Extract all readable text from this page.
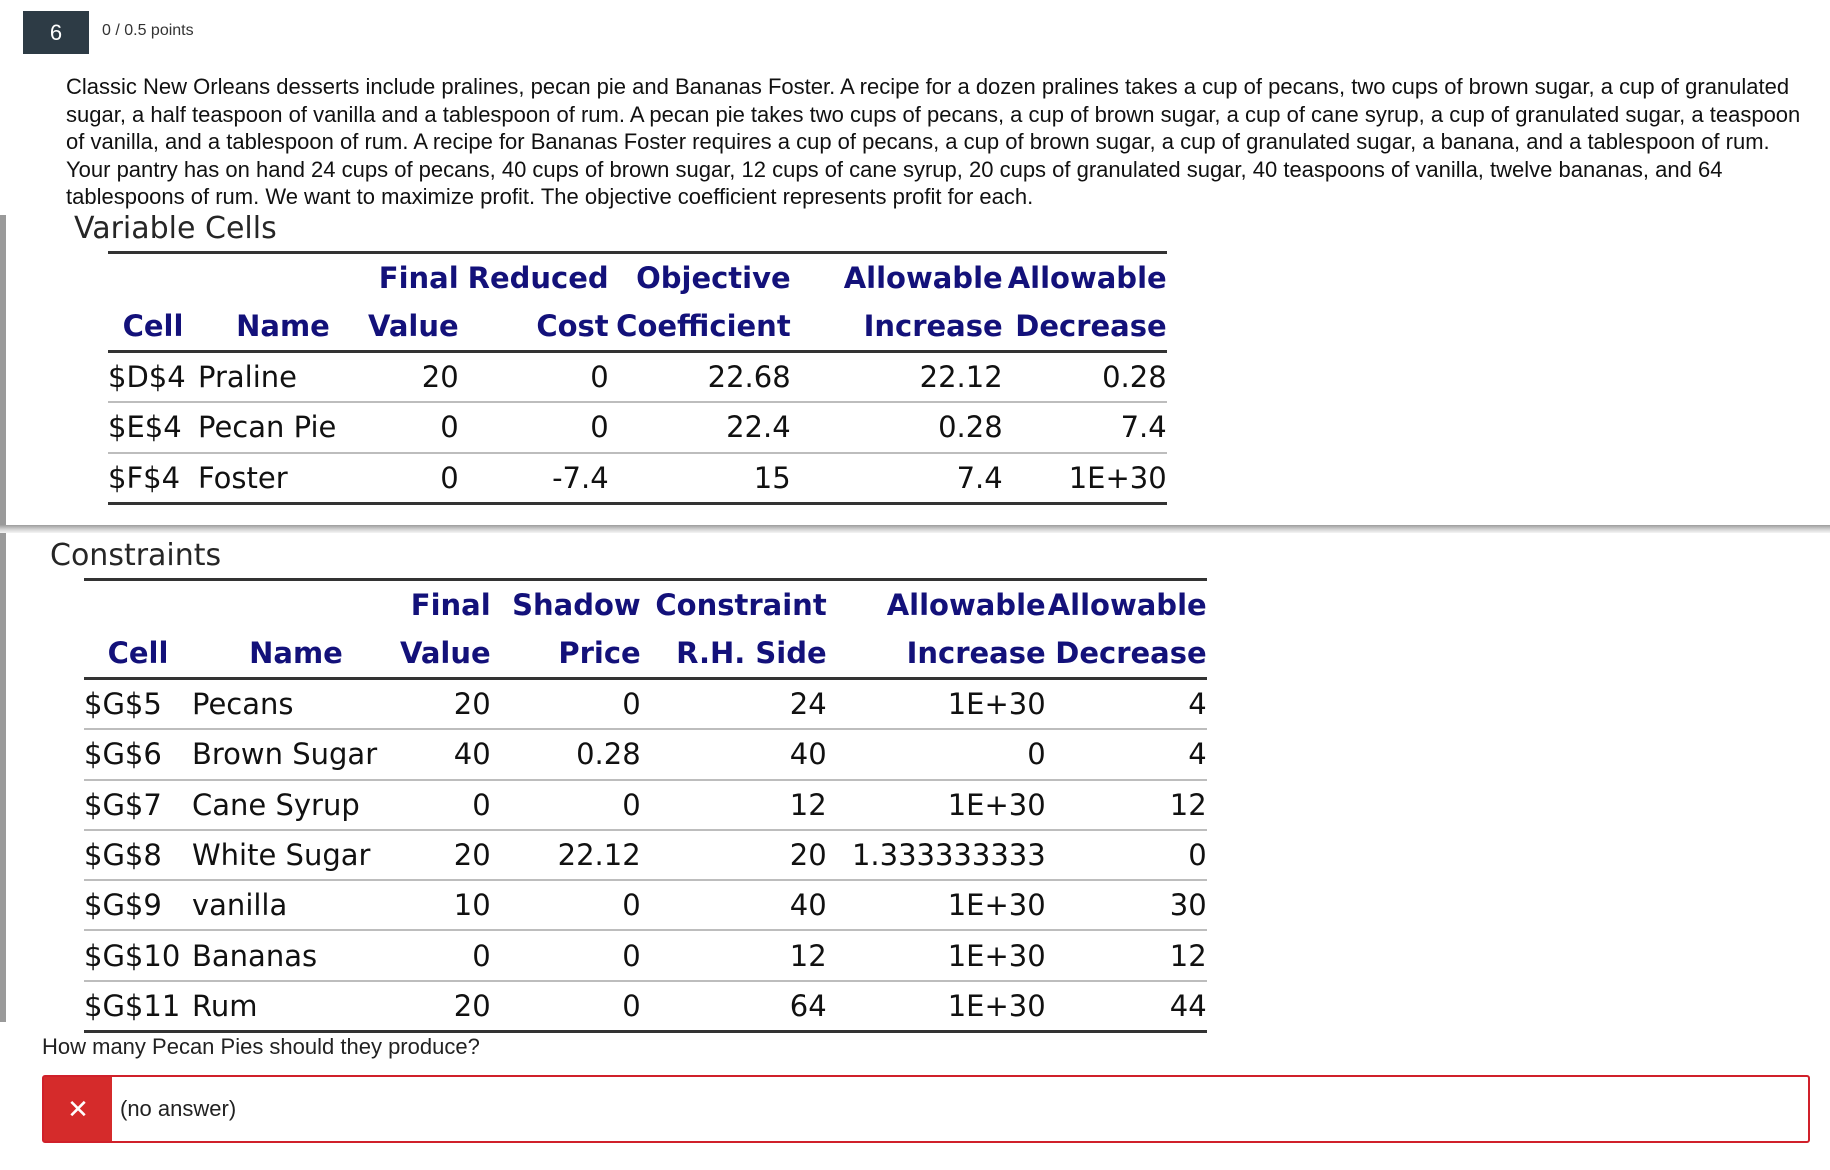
6	0 / 0.5 points
Classic New Orleans desserts include pralines, pecan pie and Bananas Foster. A recipe for a dozen pralines takes a cup of pecans, two cups of brown sugar, a cup of granulated sugar, a half teaspoon of vanilla and a tablespoon of rum. A pecan pie takes two cups of pecans, a cup of brown sugar, a cup of cane syrup, a cup of granulated sugar, a teaspoon of vanilla, and a tablespoon of rum. A recipe for Bananas Foster requires a cup of pecans, a cup of brown sugar, a cup of granulated sugar, a banana, and a tablespoon of rum. Your pantry has on hand 24 cups of pecans, 40 cups of brown sugar, 12 cups of cane syrup, 20 cups of granulated sugar, 40 teaspoons of vanilla, twelve bananas, and 64 tablespoons of rum. We want to maximize profit. The objective coefficient represents profit for each.
Variable Cells
		Final	Reduced	Objective	Allowable	Allowable
Cell	Name	Value	Cost	Coefficient	Increase	Decrease
$D$4	Praline	20	0	22.68	22.12	0.28
$E$4	Pecan Pie	0	0	22.4	0.28	7.4
$F$4	Foster	0	-7.4	15	7.4	1E+30
Constraints
		Final	Shadow	Constraint	Allowable	Allowable
Cell	Name	Value	Price	R.H. Side	Increase	Decrease
$G$5	Pecans	20	0	24	1E+30	4
$G$6	Brown Sugar	40	0.28	40	0	4
$G$7	Cane Syrup	0	0	12	1E+30	12
$G$8	White Sugar	20	22.12	20	1.333333333	0
$G$9	vanilla	10	0	40	1E+30	30
$G$10	Bananas	0	0	12	1E+30	12
$G$11	Rum	20	0	64	1E+30	44
How many Pecan Pies should they produce?
✕	(no answer)
